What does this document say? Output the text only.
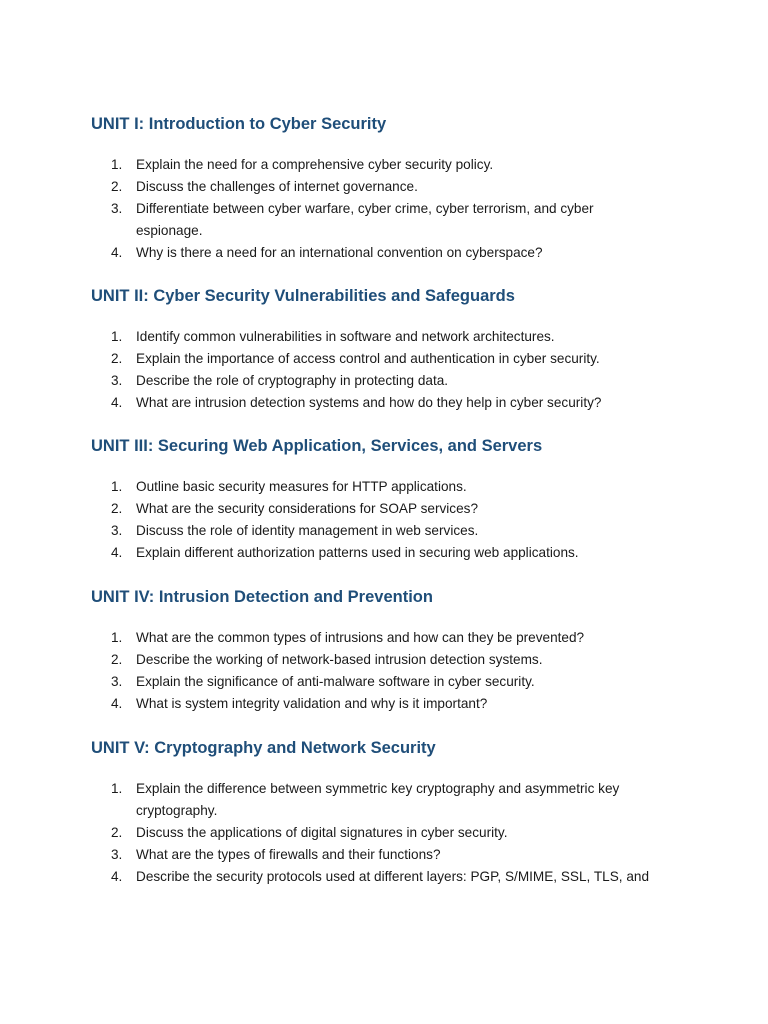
UNIT I: Introduction to Cyber Security
1.	Explain the need for a comprehensive cyber security policy.
2.	Discuss the challenges of internet governance.
3.	Differentiate between cyber warfare, cyber crime, cyber terrorism, and cyber espionage.
4.	Why is there a need for an international convention on cyberspace?
UNIT II: Cyber Security Vulnerabilities and Safeguards
1.	Identify common vulnerabilities in software and network architectures.
2.	Explain the importance of access control and authentication in cyber security.
3.	Describe the role of cryptography in protecting data.
4.	What are intrusion detection systems and how do they help in cyber security?
UNIT III: Securing Web Application, Services, and Servers
1.	Outline basic security measures for HTTP applications.
2.	What are the security considerations for SOAP services?
3.	Discuss the role of identity management in web services.
4.	Explain different authorization patterns used in securing web applications.
UNIT IV: Intrusion Detection and Prevention
1.	What are the common types of intrusions and how can they be prevented?
2.	Describe the working of network-based intrusion detection systems.
3.	Explain the significance of anti-malware software in cyber security.
4.	What is system integrity validation and why is it important?
UNIT V: Cryptography and Network Security
1.	Explain the difference between symmetric key cryptography and asymmetric key cryptography.
2.	Discuss the applications of digital signatures in cyber security.
3.	What are the types of firewalls and their functions?
4.	Describe the security protocols used at different layers: PGP, S/MIME, SSL, TLS, and
